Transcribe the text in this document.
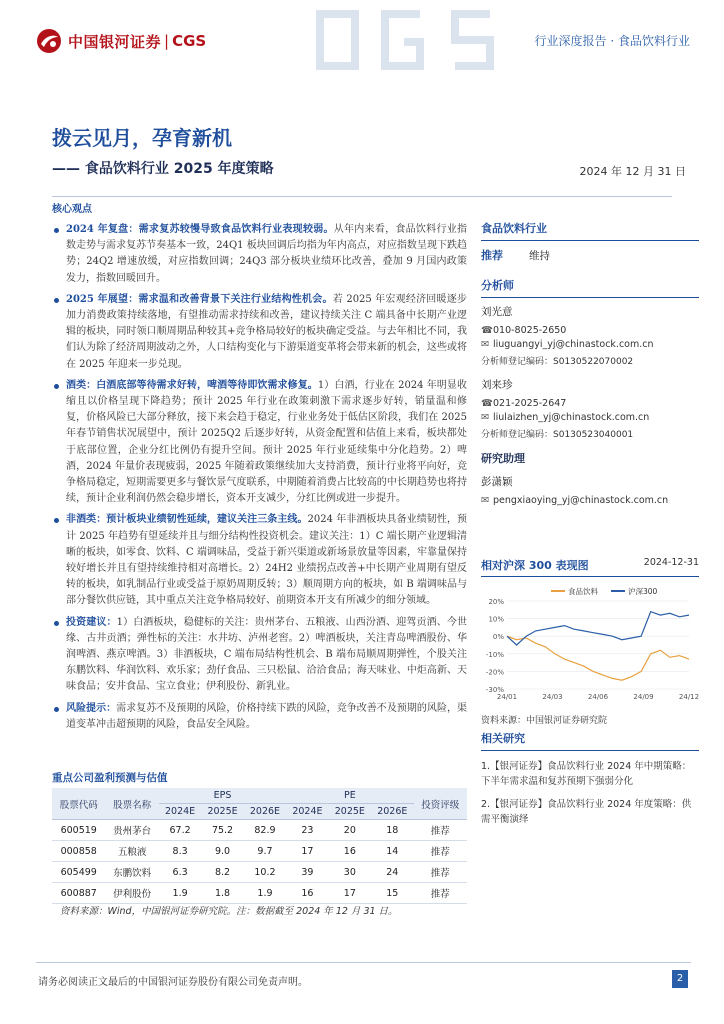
中国银河证券 | CGS	行业深度报告 · 食品饮料行业
拨云见月，孕育新机
—— 食品饮料行业 2025 年度策略	2024 年 12 月 31 日
核心观点
2024 年复盘：需求复苏较慢导致食品饮料行业表现较弱。从年内来看，食品饮料行业指数走势与需求复苏节奏基本一致，24Q1 板块回调后均指为年内高点，对应指数呈现下跌趋势；24Q2 增速放缓，对应指数回调；24Q3 部分板块业绩环比改善，叠加 9 月国内政策发力，指数回暖回升。
2025 年展望：需求温和改善背景下关注行业结构性机会。若 2025 年宏观经济回暖逐步加力消费政策持续落地，有望推动需求持续和改善，建议持续关注 C 端具备中长期产业逻辑的板块，同时领口顺周期品种较其+竞争格局较好的板块确定受益。与去年相比不同，我们认为除了经济周期波动之外，人口结构变化与下游渠道变革将会带来新的机会，这些或将在 2025 年迎来一步兑现。
酒类：白酒底部等待需求好转，啤酒等待即饮需求修复。1）白酒，行业在 2024 年明显收缩且以价格呈现下降趋势；预计 2025 年行业在政策刺激下需求逐步好转，销量温和修复，价格风险已大部分释放，接下来会趋于稳定，行业业务处于低估区阶段，我们在 2025 年春节销售状况展望中，预计 2025Q2 后逐步好转，从资金配置和估值上来看，板块都处于底部位置，企业分红比例仍有提升空间。预计 2025 年行业延续集中分化趋势。2）啤酒，2024 年量价表现疲弱，2025 年随着政策继续加大支持消费，预计行业将平向好，竞争格局稳定，短期需要更多与餐饮景气度联系，中期随着消费占比较高的中长期趋势也将持续，预计企业利润仍然会稳步增长，资本开支减少，分红比例或进一步提升。
非酒类：预计板块业绩韧性延续，建议关注三条主线。2024 年非酒板块具备业绩韧性，预计 2025 年趋势有望延续并且与细分结构性投资机会。建议关注：1）C 端长期产业逻辑清晰的板块，如零食、饮料、C 端调味品，受益于新兴渠道或新场景放量等因素，牢靠量保持较好增长并且有望持续维持相对高增长。2）24H2 业绩拐点改善+中长期产业周期有望反转的板块，如乳制品行业或受益于原奶周期反转；3）顺周期方向的板块，如 B 端调味品与部分餐饮供应链，其中重点关注竞争格局较好、前期资本开支有所减少的细分领域。
投资建议：1）白酒板块，稳健标的关注：贵州茅台、五粮液、山西汾酒、迎驾贡酒、今世缘、古井贡酒；弹性标的关注：水井坊、泸州老窖。2）啤酒板块，关注青岛啤酒股份、华润啤酒、燕京啤酒。3）非酒板块，C 端布局结构性机会、B 端布局顺周期弹性，个股关注东鹏饮料、华润饮料、欢乐家；劲仔食品、三只松鼠、洽洽食品；海天味业、中炬高新、天味食品；安井食品、宝立食业；伊利股份、新乳业。
风险提示：需求复苏不及预期的风险，价格持续下跌的风险，竞争改善不及预期的风险，渠道变革冲击超预期的风险，食品安全风险。
食品饮料行业
推荐	维持
分析师
刘光意
☎ 010-8025-2650
✉ liuguangyi_yj@chinastock.com.cn
分析师登记编码：S0130522070002
刘来珍
☎ 021-2025-2647
✉ liulaizhen_yj@chinastock.com.cn
分析师登记编码：S0130523040001
研究助理
彭潇颖
✉ pengxiaoying_yj@chinastock.com.cn
相对沪深 300 表现图	2024-12-31
20%
10%
0%
-10%
-20%
-30%
24/01	24/03	24/06	24/09	24/12
食品饮料	沪深300
资料来源：中国银河证券研究院
相关研究
1.【银河证券】食品饮料行业 2024 年中期策略：下半年需求温和复苏预期下强弱分化
2.【银河证券】食品饮料行业 2024 年度策略：供需平衡演绎
重点公司盈利预测与估值
股票代码	股票名称	EPS			PE			投资评级
		2024E	2025E	2026E	2024E	2025E	2026E	
600519	贵州茅台	67.2	75.2	82.9	23	20	18	推荐
000858	五粮液	8.3	9.0	9.7	17	16	14	推荐
605499	东鹏饮料	6.3	8.2	10.2	39	30	24	推荐
600887	伊利股份	1.9	1.8	1.9	16	17	15	推荐
资料来源：Wind，中国银河证券研究院。注：数据截至 2024 年 12 月 31 日。
请务必阅读正文最后的中国银河证券股份有限公司免责声明。	2
